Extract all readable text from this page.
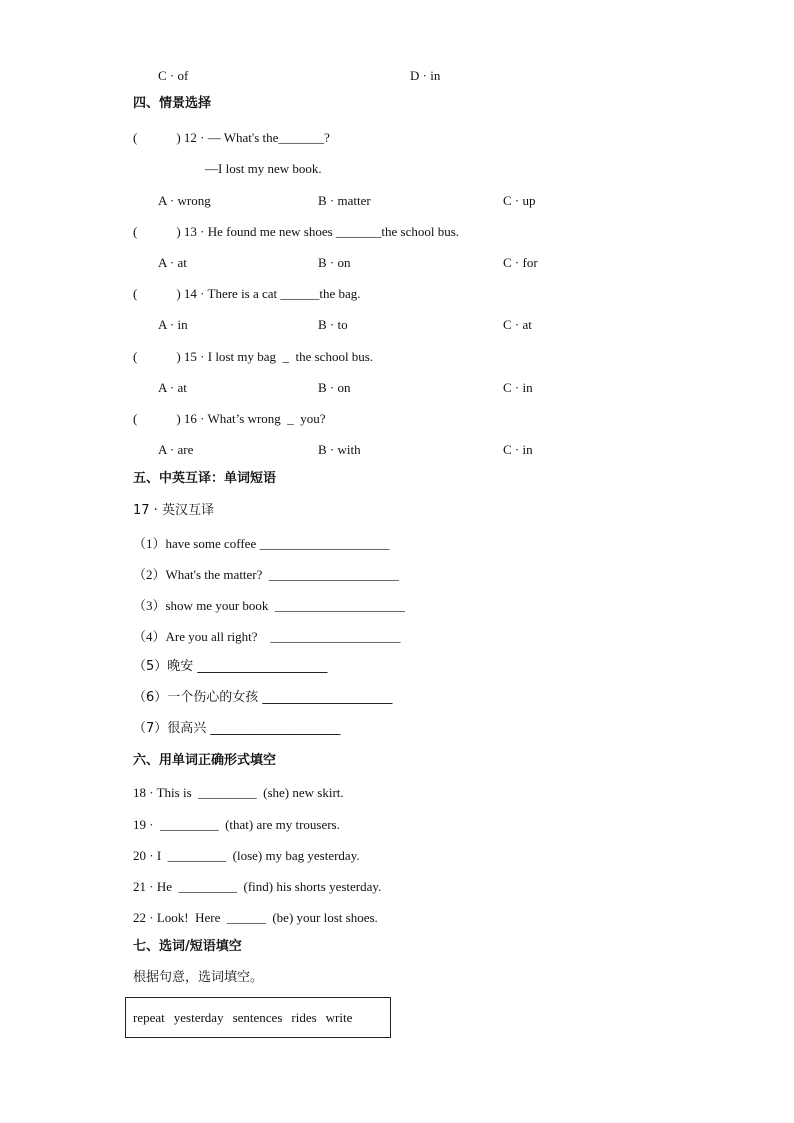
C · of	D · in
四、情景选择
(            ) 12 · — What's the_______?
—I lost my new book.
A · wrong	B · matter	C · up
(            ) 13 · He found me new shoes _______the school bus.
A · at	B · on	C · for
(            ) 14 · There is a cat ______the bag.
A · in	B · to	C · at
(            ) 15 · I lost my bag  _  the school bus.
A · at	B · on	C · in
(            ) 16 · What’s wrong  _  you?
A · are	B · with	C · in
五、中英互译：单词短语
17 · 英汉互译
（1）have some coffee ____________________
（2）What's the matter?  ____________________
（3）show me your book  ____________________
（4）Are you all right?    ____________________
（5）晚安 ____________________
（6）一个伤心的女孩 ____________________
（7）很高兴 ____________________
六、用单词正确形式填空
18 · This is  _________  (she) new skirt.
19 ·  _________  (that) are my trousers.
20 · I  _________  (lose) my bag yesterday.
21 · He  _________  (find) his shorts yesterday.
22 · Look!  Here  ______  (be) your lost shoes.
七、选词/短语填空
根据句意，选词填空。
repeat yesterday sentences rides write
